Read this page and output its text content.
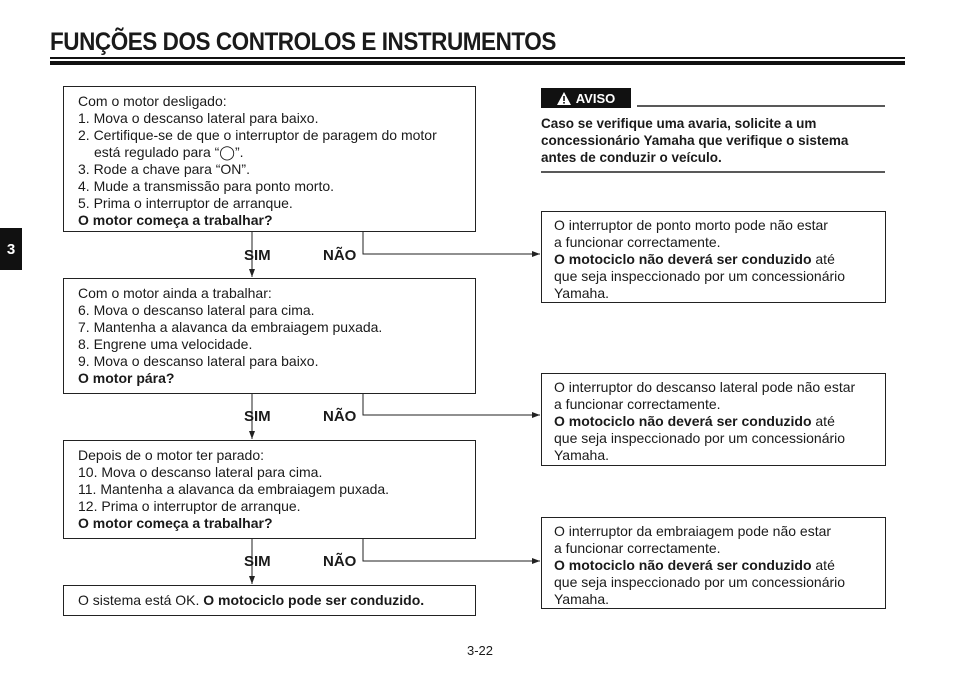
FUNÇÕES DOS CONTROLOS E INSTRUMENTOS
3
Com o motor desligado:
1. Mova o descanso lateral para baixo.
2. Certifique-se de que o interruptor de paragem do motor
está regulado para “◯”.
3. Rode a chave para “ON”.
4. Mude a transmissão para ponto morto.
5. Prima o interruptor de arranque.
O motor começa a trabalhar?
SIM	NÃO
Com o motor ainda a trabalhar:
6. Mova o descanso lateral para cima.
7. Mantenha a alavanca da embraiagem puxada.
8. Engrene uma velocidade.
9. Mova o descanso lateral para baixo.
O motor pára?
SIM	NÃO
Depois de o motor ter parado:
10. Mova o descanso lateral para cima.
11. Mantenha a alavanca da embraiagem puxada.
12. Prima o interruptor de arranque.
O motor começa a trabalhar?
SIM	NÃO
O sistema está OK. O motociclo pode ser conduzido.
AVISO
Caso se verifique uma avaria, solicite a um
concessionário Yamaha que verifique o sistema
antes de conduzir o veículo.
O interruptor de ponto morto pode não estar
a funcionar correctamente.
O motociclo não deverá ser conduzido até
que seja inspeccionado por um concessionário
Yamaha.
O interruptor do descanso lateral pode não estar
a funcionar correctamente.
O motociclo não deverá ser conduzido até
que seja inspeccionado por um concessionário
Yamaha.
O interruptor da embraiagem pode não estar
a funcionar correctamente.
O motociclo não deverá ser conduzido até
que seja inspeccionado por um concessionário
Yamaha.
3-22
